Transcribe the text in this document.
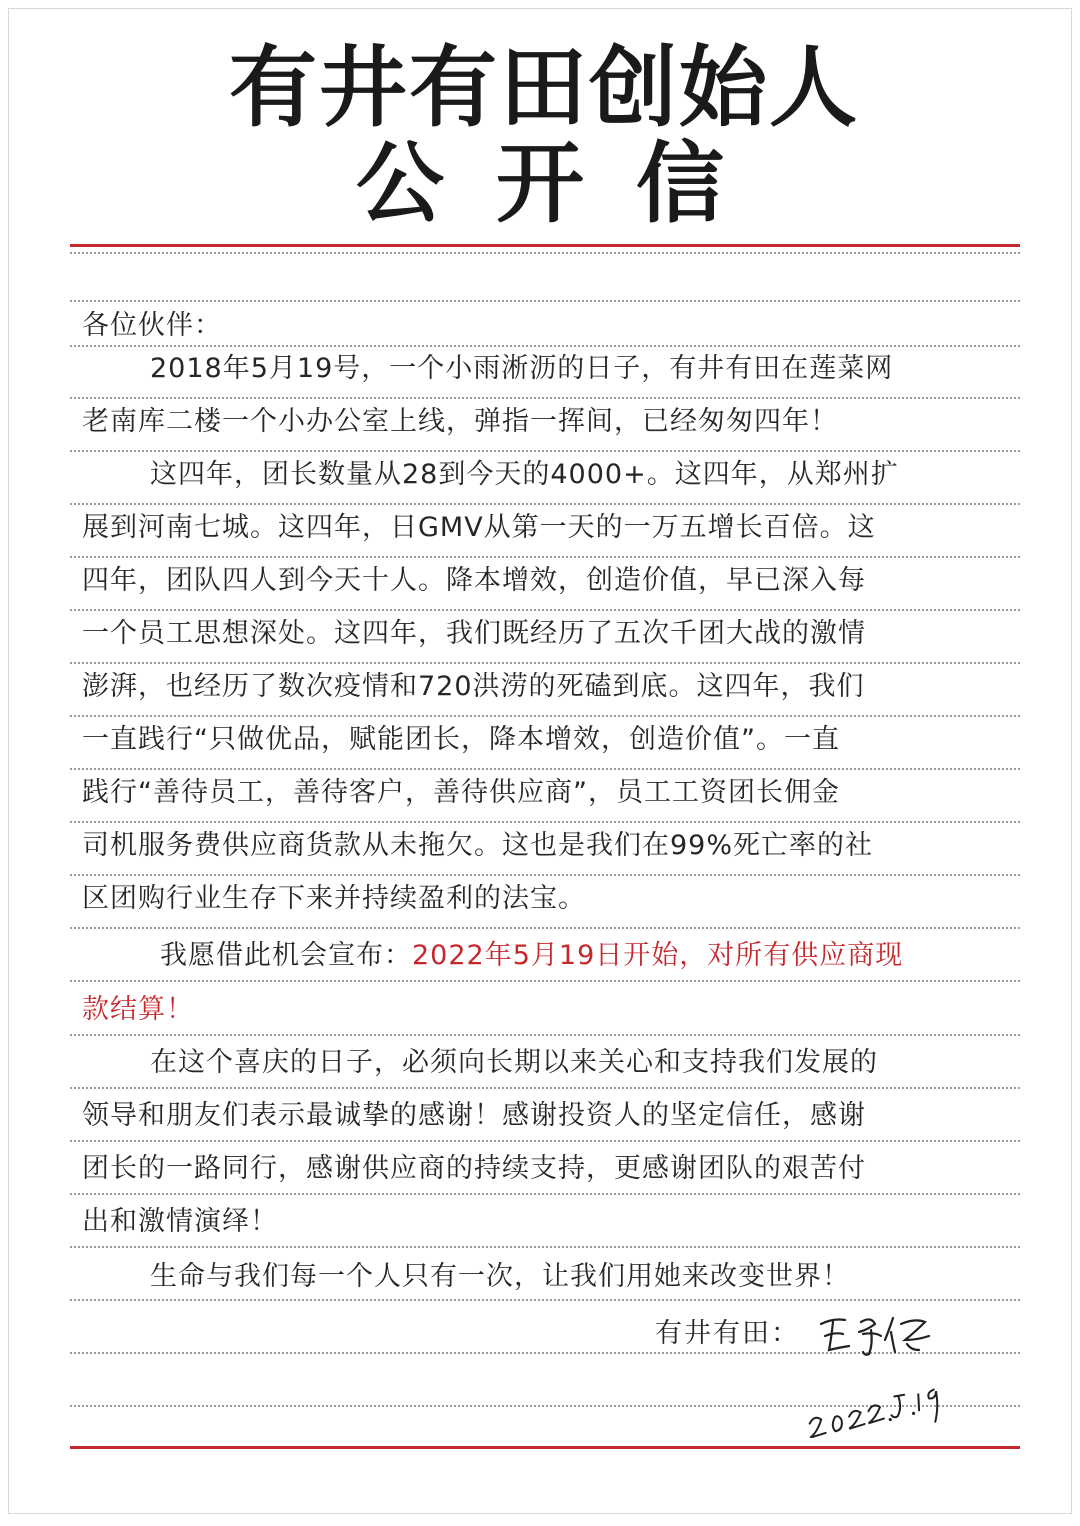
有井有田创始人
公开信
各位伙伴：
2018年5月19号，一个小雨淅沥的日子，有井有田在莲菜网
老南库二楼一个小办公室上线，弹指一挥间，已经匆匆四年！
这四年，团长数量从28到今天的4000+。这四年，从郑州扩
展到河南七城。这四年，日GMV从第一天的一万五增长百倍。这
四年，团队四人到今天十人。降本增效，创造价值，早已深入每
一个员工思想深处。这四年，我们既经历了五次千团大战的激情
澎湃，也经历了数次疫情和720洪涝的死磕到底。这四年，我们
一直践行“只做优品，赋能团长，降本增效，创造价值”。一直
践行“善待员工，善待客户，善待供应商”，员工工资团长佣金
司机服务费供应商货款从未拖欠。这也是我们在99%死亡率的社
区团购行业生存下来并持续盈利的法宝。
我愿借此机会宣布：2022年5月19日开始，对所有供应商现
款结算！
在这个喜庆的日子，必须向长期以来关心和支持我们发展的
领导和朋友们表示最诚挚的感谢！感谢投资人的坚定信任，感谢
团长的一路同行，感谢供应商的持续支持，更感谢团队的艰苦付
出和激情演绎！
生命与我们每一个人只有一次，让我们用她来改变世界！
有井有田：
